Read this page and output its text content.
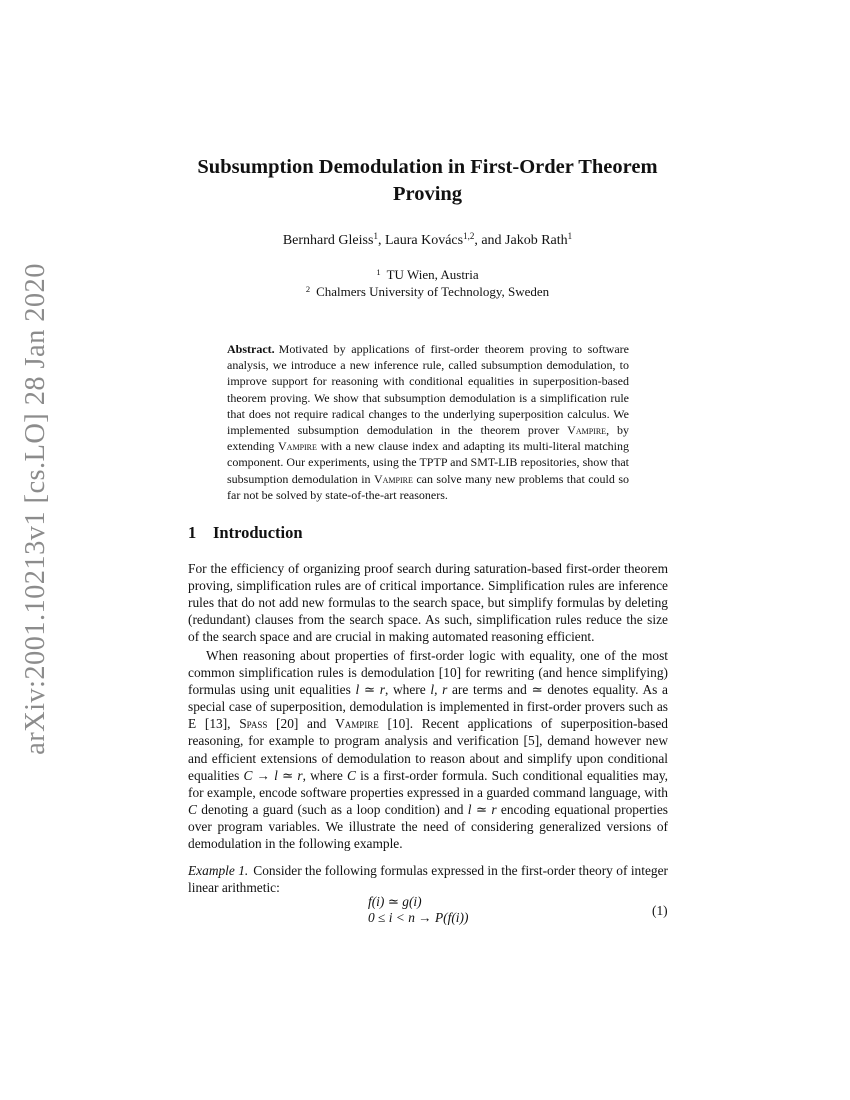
arXiv:2001.10213v1 [cs.LO] 28 Jan 2020
Subsumption Demodulation in First-Order Theorem
Proving
Bernhard Gleiss$^1$, Laura Kovács$^{1,2}$, and Jakob Rath$^1$
$^1$ TU Wien, Austria
$^2$ Chalmers University of Technology, Sweden
Abstract. Motivated by applications of first-order theorem proving to software analysis, we introduce a new inference rule, called subsumption demodulation, to improve support for reasoning with conditional equalities in superposition-based theorem proving. We show that subsumption demodulation is a simplification rule that does not require radical changes to the underlying superposition calculus. We implemented subsumption demodulation in the theorem prover Vampire, by extending Vampire with a new clause index and adapting its multi-literal matching component. Our experiments, using the TPTP and SMT-LIB repositories, show that subsumption demodulation in Vampire can solve many new problems that could so far not be solved by state-of-the-art reasoners.
1 Introduction
For the efficiency of organizing proof search during saturation-based first-order theorem proving, simplification rules are of critical importance. Simplification rules are inference rules that do not add new formulas to the search space, but simplify formulas by deleting (redundant) clauses from the search space. As such, simplification rules reduce the size of the search space and are crucial in making automated reasoning efficient.
When reasoning about properties of first-order logic with equality, one of the most common simplification rules is demodulation [10] for rewriting (and hence simplifying) formulas using unit equalities l ≃ r, where l, r are terms and ≃ denotes equality. As a special case of superposition, demodulation is implemented in first-order provers such as E [13], Spass [20] and Vampire [10]. Recent applications of superposition-based reasoning, for example to program analysis and verification [5], demand however new and efficient extensions of demodulation to reason about and simplify upon conditional equalities C → l ≃ r, where C is a first-order formula. Such conditional equalities may, for example, encode software properties expressed in a guarded command language, with C denoting a guard (such as a loop condition) and l ≃ r encoding equational properties over program variables. We illustrate the need of considering generalized versions of demodulation in the following example.
Example 1. Consider the following formulas expressed in the first-order theory of integer linear arithmetic:
f(i) ≃ g(i)
0 ≤ i < n → P(f(i))	(1)
